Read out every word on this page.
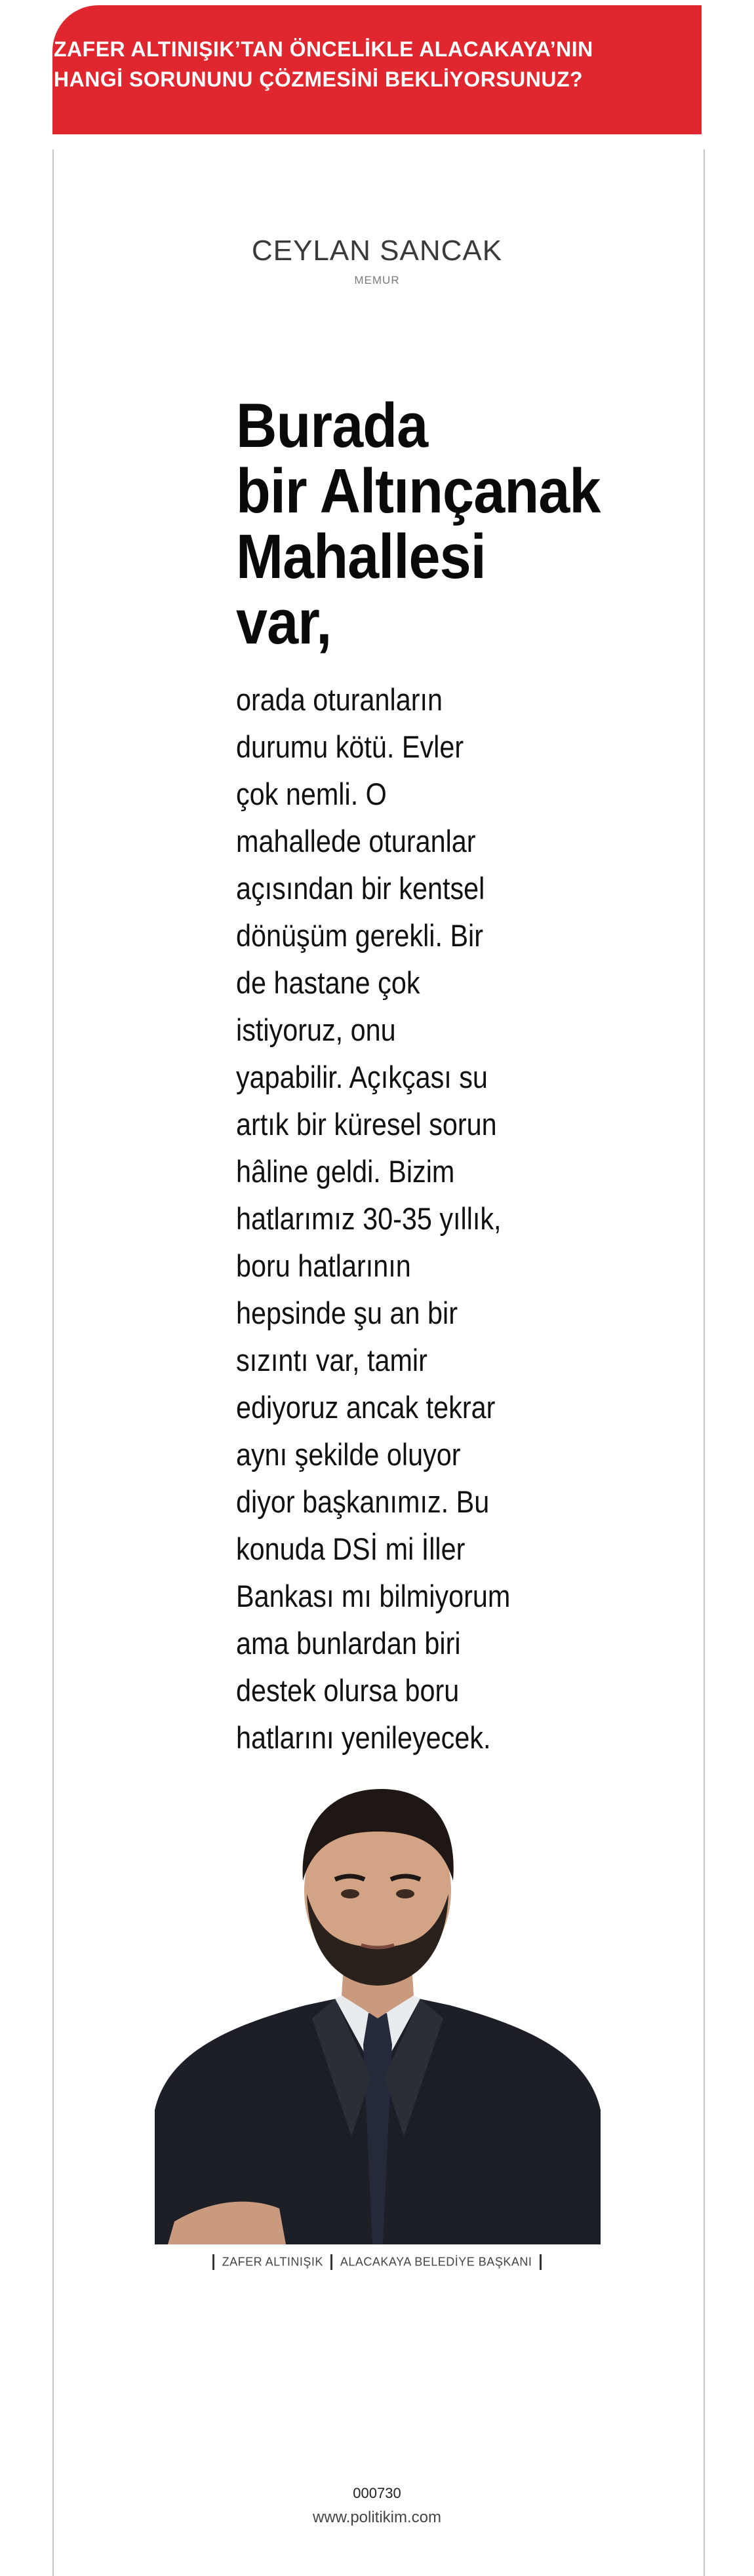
ZAFER ALTINIŞIK’TAN ÖNCELİKLE ALACAKAYA’NIN
HANGİ SORUNUNU ÇÖZMESİNİ BEKLİYORSUNUZ?
CEYLAN SANCAK
MEMUR
Burada
bir Altınçanak
Mahallesi
var,
orada oturanların
durumu kötü. Evler
çok nemli. O
mahallede oturanlar
açısından bir kentsel
dönüşüm gerekli. Bir
de hastane çok
istiyoruz, onu
yapabilir. Açıkçası su
artık bir küresel sorun
hâline geldi. Bizim
hatlarımız 30-35 yıllık,
boru hatlarının
hepsinde şu an bir
sızıntı var, tamir
ediyoruz ancak tekrar
aynı şekilde oluyor
diyor başkanımız. Bu
konuda DSİ mi İller
Bankası mı bilmiyorum
ama bunlardan biri
destek olursa boru
hatlarını yenileyecek.
ZAFER ALTINIŞIK ALACAKAYA BELEDİYE BAŞKANI
000730
www.politikim.com
